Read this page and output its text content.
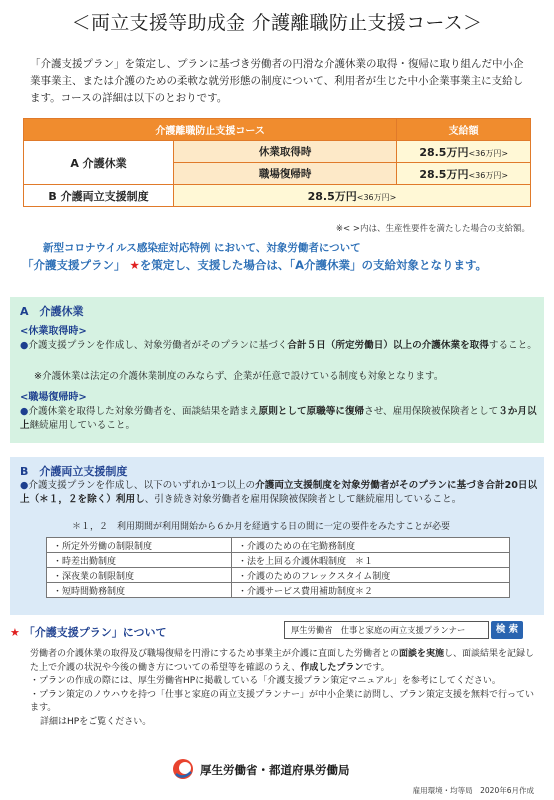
＜両立支援等助成金 介護離職防止支援コース＞
「介護支援プラン」を策定し、プランに基づき労働者の円滑な介護休業の取得・復帰に取り組んだ中小企業事業主、または介護のための柔軟な就労形態の制度について、利用者が生じた中小企業事業主に支給します。コースの詳細は以下のとおりです。
介護離職防止支援コース		支給額
A 介護休業	休業取得時	28.5万円<36万円>
	職場復帰時	28.5万円<36万円>
B 介護両立支援制度	28.5万円<36万円>	
※< >内は、生産性要件を満たした場合の支給額。
新型コロナウイルス感染症対応特例 において、対象労働者について
「介護支援プラン」 ★を策定し、支援した場合は、「A介護休業」の支給対象となります。
A　介護休業
<休業取得時>
●介護支援プランを作成し、対象労働者がそのプランに基づく合計５日（所定労働日）以上の介護休業を取得すること。
※介護休業は法定の介護休業制度のみならず、企業が任意で設けている制度も対象となります。
<職場復帰時>
●介護休業を取得した対象労働者を、面談結果を踏まえ原則として原職等に復帰させ、雇用保険被保険者として３か月以上継続雇用していること。
B　介護両立支援制度
●介護支援プランを作成し、以下のいずれか1つ以上の介護両立支援制度を対象労働者がそのプランに基づき合計20日以上（＊１，２を除く）利用し、引き続き対象労働者を雇用保険被保険者として継続雇用していること。
＊１，２　利用期間が利用開始から６か月を経過する日の間に一定の要件をみたすことが必要
・所定外労働の制限制度	・介護のための在宅勤務制度
・時差出勤制度	・法を上回る介護休暇制度　＊１
・深夜業の制限制度	・介護のためのフレックスタイム制度
・短時間勤務制度	・介護サービス費用補助制度＊２
★ 「介護支援プラン」について	厚生労働省　仕事と家庭の両立支援プランナー	検 索
労働者の介護休業の取得及び職場復帰を円滑にするため事業主が介護に直面した労働者との面談を実施し、面談結果を記録した上で介護の状況や今後の働き方についての希望等を確認のうえ、作成したプランです。
・プランの作成の際には、厚生労働省HPに掲載している「介護支援プラン策定マニュアル」を参考にしてください。
・プラン策定のノウハウを持つ「仕事と家庭の両立支援プランナー」が中小企業に訪問し、プラン策定支援を無料で行っています。
詳細はHPをご覧ください。
厚生労働省・都道府県労働局
雇用環境・均等局　2020年6月作成
